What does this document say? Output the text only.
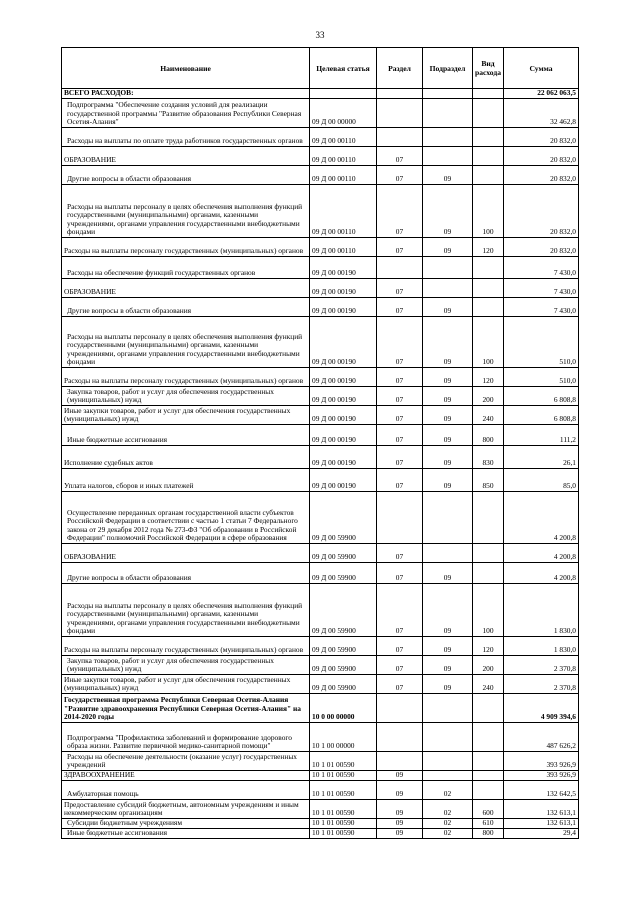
33
Наименование	Целевая статья	Раздел	Подраздел	Вид расхода	Сумма
ВСЕГО РАСХОДОВ:					22 062 063,5
Подпрограмма "Обеспечение создания условий для реализации государственной программы "Развитие образования Республики Северная Осетия-Алания"	09 Д 00 00000				32 462,8
Расходы на выплаты по оплате труда работников государственных органов	09 Д 00 00110				20 832,0
ОБРАЗОВАНИЕ	09 Д 00 00110	07			20 832,0
Другие вопросы в области образования	09 Д 00 00110	07	09		20 832,0
Расходы на выплаты персоналу в целях обеспечения выполнения функций государственными (муниципальными) органами, казенными учреждениями, органами управления государственными внебюджетными фондами	09 Д 00 00110	07	09	100	20 832,0
Расходы на выплаты персоналу государственных (муниципальных) органов	09 Д 00 00110	07	09	120	20 832,0
Расходы на обеспечение функций государственных органов	09 Д 00 00190				7 430,0
ОБРАЗОВАНИЕ	09 Д 00 00190	07			7 430,0
Другие вопросы в области образования	09 Д 00 00190	07	09		7 430,0
Расходы на выплаты персоналу в целях обеспечения выполнения функций государственными (муниципальными) органами, казенными учреждениями, органами управления государственными внебюджетными фондами	09 Д 00 00190	07	09	100	510,0
Расходы на выплаты персоналу государственных (муниципальных) органов	09 Д 00 00190	07	09	120	510,0
Закупка товаров, работ и услуг для обеспечения государственных (муниципальных) нужд	09 Д 00 00190	07	09	200	6 808,8
Иные закупки товаров, работ и услуг для обеспечения государственных (муниципальных) нужд	09 Д 00 00190	07	09	240	6 808,8
Иные бюджетные ассигнования	09 Д 00 00190	07	09	800	111,2
Исполнение судебных актов	09 Д 00 00190	07	09	830	26,1
Уплата налогов, сборов и иных платежей	09 Д 00 00190	07	09	850	85,0
Осуществление переданных органам государственной власти субъектов Российской Федерации в соответствии с частью 1 статьи 7 Федерального закона от 29 декабря 2012 года № 273-ФЗ "Об образовании в Российской Федерации" полномочий Российской Федерации в сфере образования	09 Д 00 59900				4 200,8
ОБРАЗОВАНИЕ	09 Д 00 59900	07			4 200,8
Другие вопросы в области образования	09 Д 00 59900	07	09		4 200,8
Расходы на выплаты персоналу в целях обеспечения выполнения функций государственными (муниципальными) органами, казенными учреждениями, органами управления государственными внебюджетными фондами	09 Д 00 59900	07	09	100	1 830,0
Расходы на выплаты персоналу государственных (муниципальных) органов	09 Д 00 59900	07	09	120	1 830,0
Закупка товаров, работ и услуг для обеспечения государственных (муниципальных) нужд	09 Д 00 59900	07	09	200	2 370,8
Иные закупки товаров, работ и услуг для обеспечения государственных (муниципальных) нужд	09 Д 00 59900	07	09	240	2 370,8
Государственная программа Республики Северная Осетия-Алания "Развитие здравоохранения Республики Северная Осетия-Алания" на 2014-2020 годы	10 0 00 00000				4 909 394,6
Подпрограмма "Профилактика заболеваний и формирование здорового образа жизни. Развитие первичной медико-санитарной помощи"	10 1 00 00000				487 626,2
Расходы на обеспечение деятельности (оказание услуг) государственных учреждений	10 1 01 00590				393 926,9
ЗДРАВООХРАНЕНИЕ	10 1 01 00590	09			393 926,9
Амбулаторная помощь	10 1 01 00590	09	02		132 642,5
Предоставление субсидий бюджетным, автономным учреждениям и иным некоммерческим организациям	10 1 01 00590	09	02	600	132 613,1
Субсидии бюджетным учреждениям	10 1 01 00590	09	02	610	132 613,1
Иные бюджетные ассигнования	10 1 01 00590	09	02	800	29,4
